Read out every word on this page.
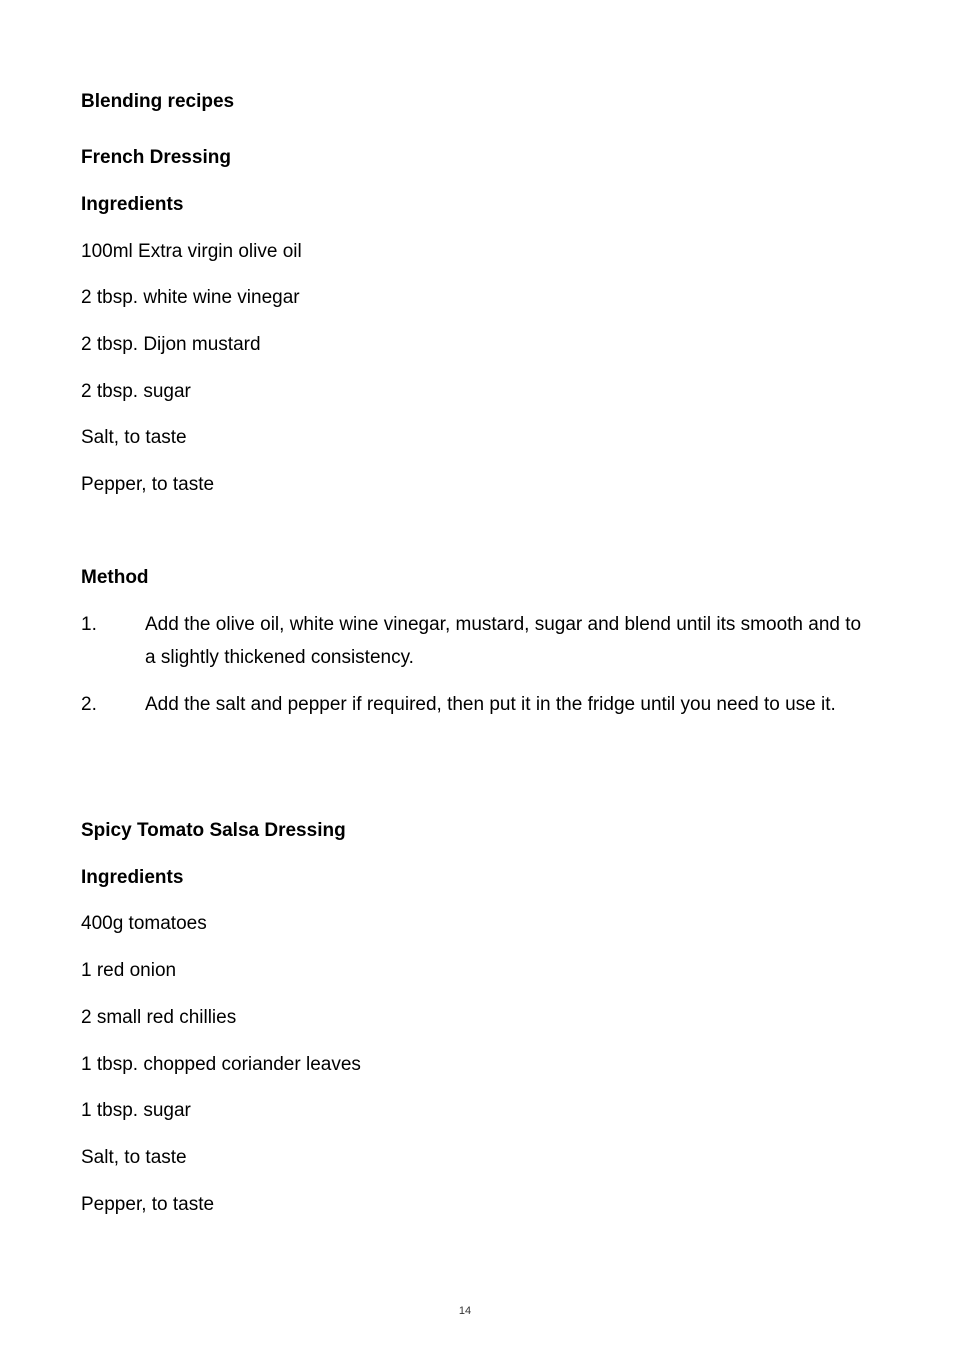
Blending recipes
French Dressing
Ingredients
100ml Extra virgin olive oil
2 tbsp. white wine vinegar
2 tbsp. Dijon mustard
2 tbsp. sugar
Salt, to taste
Pepper, to taste
Method
1.	Add the olive oil, white wine vinegar, mustard, sugar and blend until its smooth and to a slightly thickened consistency.
2.	Add the salt and pepper if required, then put it in the fridge until you need to use it.
Spicy Tomato Salsa Dressing
Ingredients
400g tomatoes
1 red onion
2 small red chillies
1 tbsp. chopped coriander leaves
1 tbsp. sugar
Salt, to taste
Pepper, to taste
14
